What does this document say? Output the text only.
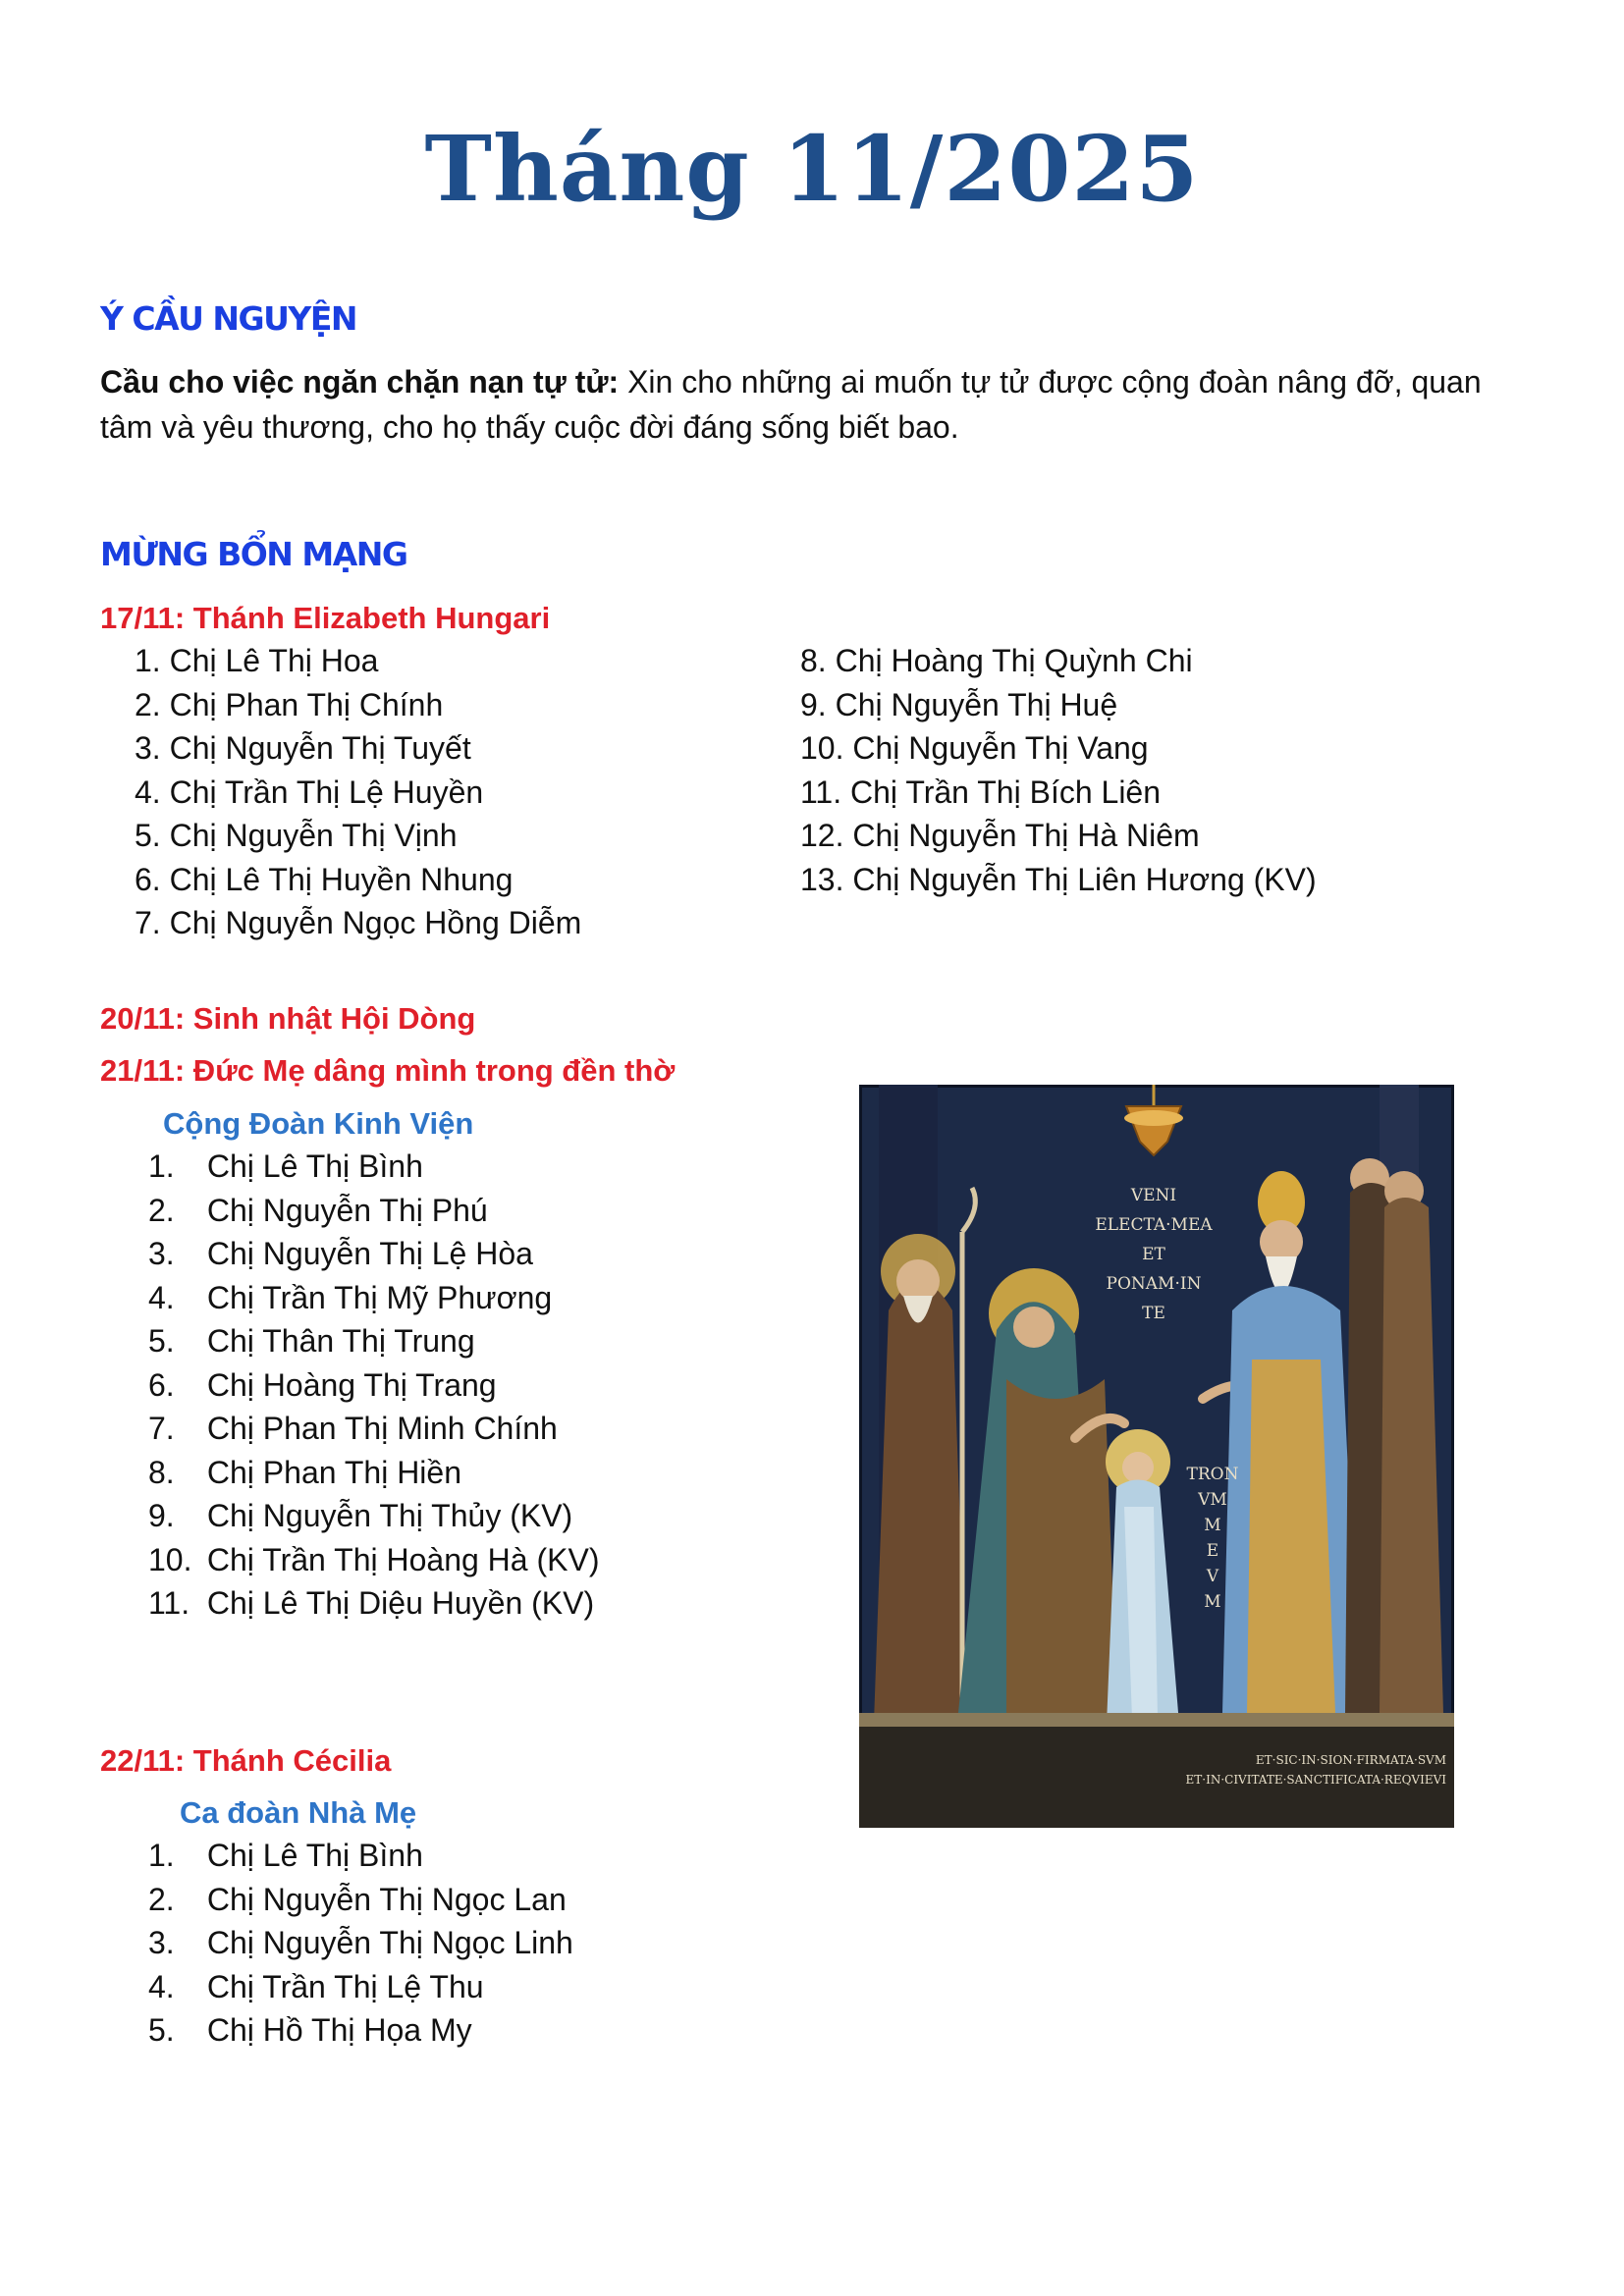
Tháng 11/2025
Ý CẦU NGUYỆN

Cầu cho việc ngăn chặn nạn tự tử: Xin cho những ai muốn tự tử được cộng đoàn nâng đỡ, quan tâm và yêu thương, cho họ thấy cuộc đời đáng sống biết bao.

MỪNG BỔN MẠNG

17/11: Thánh Elizabeth Hungari

1. Chị Lê Thị Hoa
2. Chị Phan Thị Chính
3. Chị Nguyễn Thị Tuyết
4. Chị Trần Thị Lệ Huyền
5. Chị Nguyễn Thị Vịnh
6. Chị Lê Thị Huyền Nhung
7. Chị Nguyễn Ngọc Hồng Diễm
8. Chị Hoàng Thị Quỳnh Chi
9. Chị Nguyễn Thị Huệ
10. Chị Nguyễn Thị Vang
11. Chị Trần Thị Bích Liên
12. Chị Nguyễn Thị Hà Niêm
13. Chị Nguyễn Thị Liên Hương (KV)

20/11: Sinh nhật Hội Dòng

21/11: Đức Mẹ dâng mình trong đền thờ

Cộng Đoàn Kinh Viện

1. Chị Lê Thị Bình
2. Chị Nguyễn Thị Phú
3. Chị Nguyễn Thị Lệ Hòa
4. Chị Trần Thị Mỹ Phương
5. Chị Thân Thị Trung
6. Chị Hoàng Thị Trang
7. Chị Phan Thị Minh Chính
8. Chị Phan Thị Hiền
9. Chị Nguyễn Thị Thủy (KV)
10. Chị Trần Thị Hoàng Hà (KV)
11. Chị Lê Thị Diệu Huyền (KV)

22/11: Thánh Cécilia

Ca đoàn Nhà Mẹ

1. Chị Lê Thị Bình
2. Chị Nguyễn Thị Ngọc Lan
3. Chị Nguyễn Thị Ngọc Linh
4. Chị Trần Thị Lệ Thu
5. Chị Hồ Thị Họa My
VENI
ELECTA·MEA
ET
PONAM·IN
TE
TRON
VM
M
E
V
M
ET·SIC·IN·SION·FIRMATA·SVM
ET·IN·CIVITATE·SANCTIFICATA·REQVIEVI
